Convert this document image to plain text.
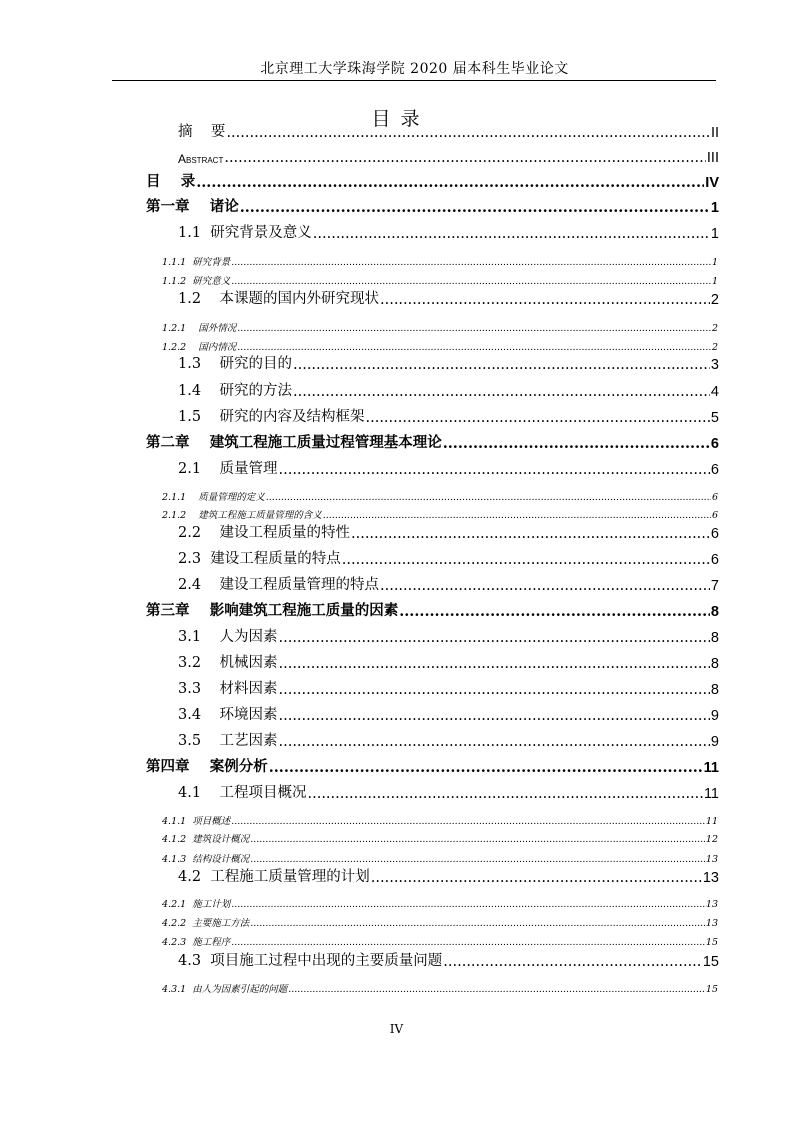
北京理工大学珠海学院 2020 届本科生毕业论文
目 录
摘    要 .....	II
Abstract .....	III
目    录 .....	IV
第一章    诸论 .....	1
1.1  研究背景及意义 .....	1
1.1.1  研究背景 .....	1
1.1.2  研究意义 .....	1
1.2    本课题的国内外研究现状 .....	2
1.2.1    国外情况 .....	2
1.2.2    国内情况 .....	2
1.3    研究的目的 .....	3
1.4    研究的方法 .....	4
1.5    研究的内容及结构框架 .....	5
第二章    建筑工程施工质量过程管理基本理论 .....	6
2.1    质量管理 .....	6
2.1.1    质量管理的定义 .....	6
2.1.2    建筑工程施工质量管理的含义 .....	6
2.2    建设工程质量的特性 .....	6
2.3  建设工程质量的特点 .....	6
2.4    建设工程质量管理的特点 .....	7
第三章    影响建筑工程施工质量的因素 .....	8
3.1    人为因素 .....	8
3.2    机械因素 .....	8
3.3    材料因素 .....	8
3.4    环境因素 .....	9
3.5    工艺因素 .....	9
第四章    案例分析 .....	11
4.1    工程项目概况 .....	11
4.1.1  项目概述 .....	11
4.1.2  建筑设计概况 .....	12
4.1.3  结构设计概况 .....	13
4.2  工程施工质量管理的计划 .....	13
4.2.1  施工计划 .....	13
4.2.2  主要施工方法 .....	13
4.2.3  施工程序 .....	15
4.3  项目施工过程中出现的主要质量问题 .....	15
4.3.1  由人为因素引起的问题 .....	15
IV
